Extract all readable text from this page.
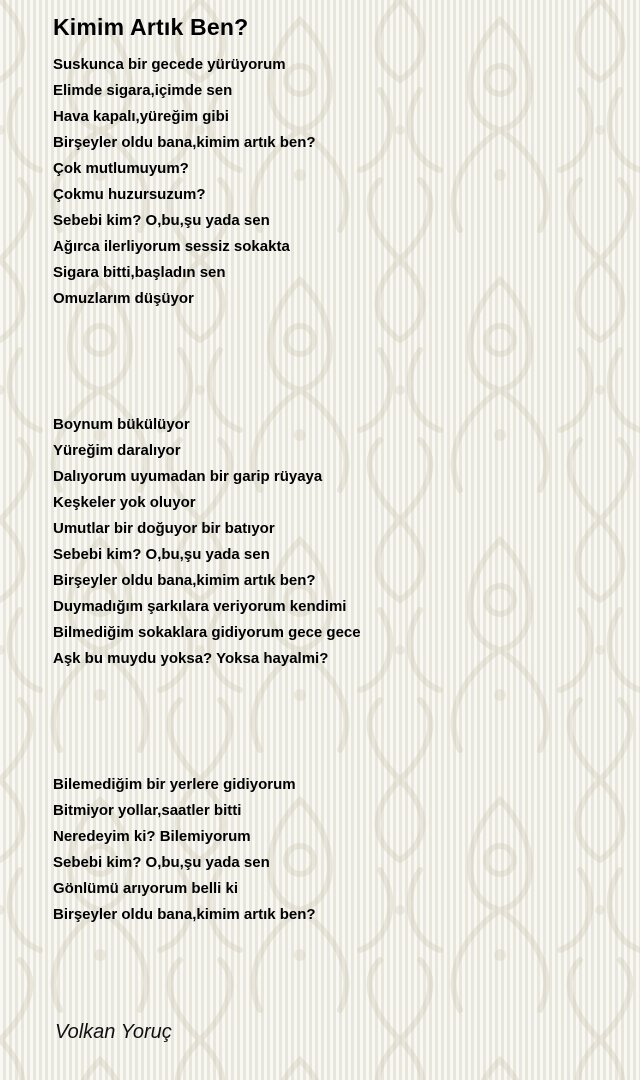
Kimim Artık Ben?
Suskunca bir gecede yürüyorum
Elimde sigara,içimde sen
Hava kapalı,yüreğim gibi
Birşeyler oldu bana,kimim artık ben?
Çok mutlumuyum?
Çokmu huzursuzum?
Sebebi kim? O,bu,şu yada sen
Ağırca ilerliyorum sessiz sokakta
Sigara bitti,başladın sen
Omuzlarım düşüyor
Boynum bükülüyor
Yüreğim daralıyor
Dalıyorum uyumadan bir garip rüyaya
Keşkeler yok oluyor
Umutlar bir doğuyor bir batıyor
Sebebi kim? O,bu,şu yada sen
Birşeyler oldu bana,kimim artık ben?
Duymadığım şarkılara veriyorum kendimi
Bilmediğim sokaklara gidiyorum gece gece
Aşk bu muydu yoksa? Yoksa hayalmi?
Bilemediğim bir yerlere gidiyorum
Bitmiyor yollar,saatler bitti
Neredeyim ki? Bilemiyorum
Sebebi kim? O,bu,şu yada sen
Gönlümü arıyorum belli ki
Birşeyler oldu bana,kimim artık ben?
Volkan Yoruç
